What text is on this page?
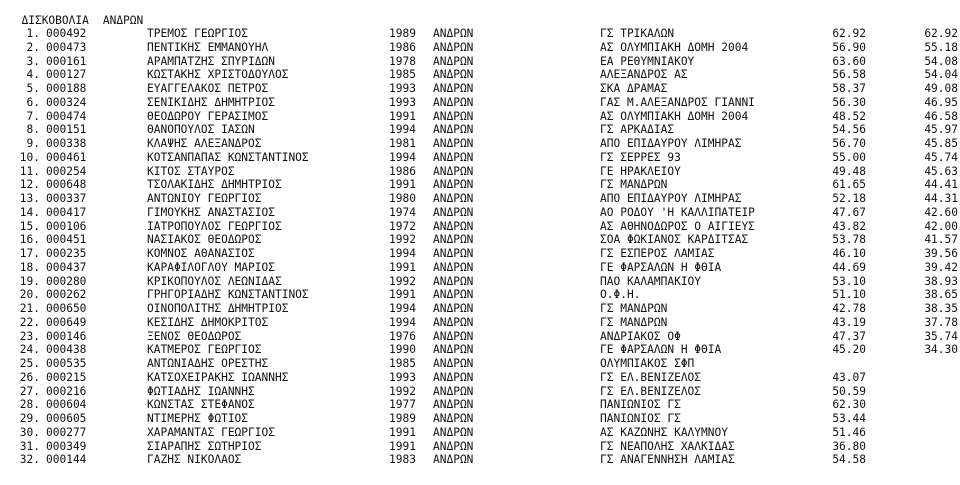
ΔΙΣΚΟΒΟΛΙΑ ΑΝΔΡΩΝ

1. 000492	ΤΡΕΜΟΣ ΓΕΩΡΓΙΟΣ	1989 ΑΝΔΡΩΝ	ΓΣ ΤΡΙΚΑΛΩΝ	62.92	62.92
2. 000473	ΠΕΝΤΙΚΗΣ ΕΜΜΑΝΟΥΗΛ	1986 ΑΝΔΡΩΝ	ΑΣ ΟΛΥΜΠΙΑΚΗ ΔΟΜΗ 2004	56.90	55.18
3. 000161	ΑΡΑΜΠΑΤΖΗΣ ΣΠΥΡΙΔΩΝ	1978 ΑΝΔΡΩΝ	ΕΑ ΡΕΘΥΜΝΙΑΚΟΥ	63.60	54.08
4. 000127	ΚΩΣΤΑΚΗΣ ΧΡΙΣΤΟΔΟΥΛΟΣ	1985 ΑΝΔΡΩΝ	ΑΛΕΞΑΝΔΡΟΣ ΑΣ	56.58	54.04
5. 000188	ΕΥΑΓΓΕΛΑΚΟΣ ΠΕΤΡΟΣ	1993 ΑΝΔΡΩΝ	ΣΚΑ ΔΡΑΜΑΣ	58.37	49.08
6. 000324	ΣΕΝΙΚΙΔΗΣ ΔΗΜΗΤΡΙΟΣ	1993 ΑΝΔΡΩΝ	ΓΑΣ Μ.ΑΛΕΞΑΝΔΡΟΣ ΓΙΑΝΝΙ	56.30	46.95
7. 000474	ΘΕΟΔΩΡΟΥ ΓΕΡΑΣΙΜΟΣ	1991 ΑΝΔΡΩΝ	ΑΣ ΟΛΥΜΠΙΑΚΗ ΔΟΜΗ 2004	48.52	46.58
8. 000151	ΘΑΝΟΠΟΥΛΟΣ ΙΑΣΩΝ	1994 ΑΝΔΡΩΝ	ΓΣ ΑΡΚΑΔΙΑΣ	54.56	45.97
9. 000338	ΚΛΑΨΗΣ ΑΛΕΞΑΝΔΡΟΣ	1981 ΑΝΔΡΩΝ	ΑΠΟ ΕΠΙΔΑΥΡΟΥ ΛΙΜΗΡΑΣ	56.70	45.85
10. 000461	ΚΟΤΣΑΝΠΑΠΑΣ ΚΩΝΣΤΑΝΤΙΝΟΣ	1994 ΑΝΔΡΩΝ	ΓΣ ΣΕΡΡΕΣ 93	55.00	45.74
11. 000254	ΚΙΤΟΣ ΣΤΑΥΡΟΣ	1986 ΑΝΔΡΩΝ	ΓΕ ΗΡΑΚΛΕΙΟΥ	49.48	45.63
12. 000648	ΤΣΟΛΑΚΙΔΗΣ ΔΗΜΗΤΡΙΟΣ	1991 ΑΝΔΡΩΝ	ΓΣ ΜΑΝΔΡΩΝ	61.65	44.41
13. 000337	ΑΝΤΩΝΙΟΥ ΓΕΩΡΓΙΟΣ	1980 ΑΝΔΡΩΝ	ΑΠΟ ΕΠΙΔΑΥΡΟΥ ΛΙΜΗΡΑΣ	52.18	44.31
14. 000417	ΓΙΜΟΥΚΗΣ ΑΝΑΣΤΑΣΙΟΣ	1974 ΑΝΔΡΩΝ	ΑΟ ΡΟΔΟΥ 'Η ΚΑΛΛΙΠΑΤΕΙΡ	47.67	42.60
15. 000106	ΙΑΤΡΟΠΟΥΛΟΣ ΓΕΩΡΓΙΟΣ	1972 ΑΝΔΡΩΝ	ΑΣ ΑΘΗΝΟΔΩΡΟΣ Ο ΑΙΓΙΕΥΣ	43.82	42.00
16. 000451	ΝΑΣΙΑΚΟΣ ΘΕΟΔΩΡΟΣ	1992 ΑΝΔΡΩΝ	ΣΟΑ ΦΩΚΙΑΝΟΣ ΚΑΡΔΙΤΣΑΣ	53.78	41.57
17. 000235	ΚΟΜΝΟΣ ΑΘΑΝΑΣΙΟΣ	1994 ΑΝΔΡΩΝ	ΓΣ ΕΣΠΕΡΟΣ ΛΑΜΙΑΣ	46.10	39.56
18. 000437	ΚΑΡΑΦΙΛΟΓΛΟΥ ΜΑΡΙΟΣ	1991 ΑΝΔΡΩΝ	ΓΕ ΦΑΡΣΑΛΩΝ Η ΦΘΙΑ	44.69	39.42
19. 000280	ΚΡΙΚΟΠΟΥΛΟΣ ΛΕΩΝΙΔΑΣ	1992 ΑΝΔΡΩΝ	ΠΑΟ ΚΑΛΑΜΠΑΚΙΟΥ	53.10	38.93
20. 000262	ΓΡΗΓΟΡΙΑΔΗΣ ΚΩΝΣΤΑΝΤΙΝΟΣ	1991 ΑΝΔΡΩΝ	Ο.Φ.Η.	51.10	38.65
21. 000650	ΟΙΝΟΠΟΛΙΤΗΣ ΔΗΜΗΤΡΙΟΣ	1994 ΑΝΔΡΩΝ	ΓΣ ΜΑΝΔΡΩΝ	42.78	38.35
22. 000649	ΚΕΣΙΔΗΣ ΔΗΜΟΚΡΙΤΟΣ	1994 ΑΝΔΡΩΝ	ΓΣ ΜΑΝΔΡΩΝ	43.19	37.78
23. 000146	ΞΕΝΟΣ ΘΕΟΔΩΡΟΣ	1976 ΑΝΔΡΩΝ	ΑΝΔΡΙΑΚΟΣ ΟΦ	47.37	35.74
24. 000438	ΚΑΤΜΕΡΟΣ ΓΕΩΡΓΙΟΣ	1990 ΑΝΔΡΩΝ	ΓΕ ΦΑΡΣΑΛΩΝ Η ΦΘΙΑ	45.20	34.30
25. 000535	ΑΝΤΩΝΙΑΔΗΣ ΟΡΕΣΤΗΣ	1985 ΑΝΔΡΩΝ	ΟΛΥΜΠΙΑΚΟΣ ΣΦΠ
26. 000215	ΚΑΤΣΟΧΕΙΡΑΚΗΣ ΙΩΑΝΝΗΣ	1993 ΑΝΔΡΩΝ	ΓΣ ΕΛ.ΒΕΝΙΖΕΛΟΣ	43.07
27. 000216	ΦΩΤΙΑΔΗΣ ΙΩΑΝΝΗΣ	1992 ΑΝΔΡΩΝ	ΓΣ ΕΛ.ΒΕΝΙΖΕΛΟΣ	50.59
28. 000604	ΚΩΝΣΤΑΣ ΣΤΕΦΑΝΟΣ	1977 ΑΝΔΡΩΝ	ΠΑΝΙΩΝΙΟΣ ΓΣ	62.30
29. 000605	ΝΤΙΜΕΡΗΣ ΦΩΤΙΟΣ	1989 ΑΝΔΡΩΝ	ΠΑΝΙΩΝΙΟΣ ΓΣ	53.44
30. 000277	ΧΑΡΑΜΑΝΤΑΣ ΓΕΩΡΓΙΟΣ	1991 ΑΝΔΡΩΝ	ΑΣ ΚΑΖΩΝΗΣ ΚΑΛΥΜΝΟΥ	51.46
31. 000349	ΣΙΑΡΑΠΗΣ ΣΩΤΗΡΙΟΣ	1991 ΑΝΔΡΩΝ	ΓΣ ΝΕΑΠΟΛΗΣ ΧΑΛΚΙΔΑΣ	36.80
32. 000144	ΓΑΖΗΣ ΝΙΚΟΛΑΟΣ	1983 ΑΝΔΡΩΝ	ΓΣ ΑΝΑΓΕΝΝΗΣΗ ΛΑΜΙΑΣ	54.58
